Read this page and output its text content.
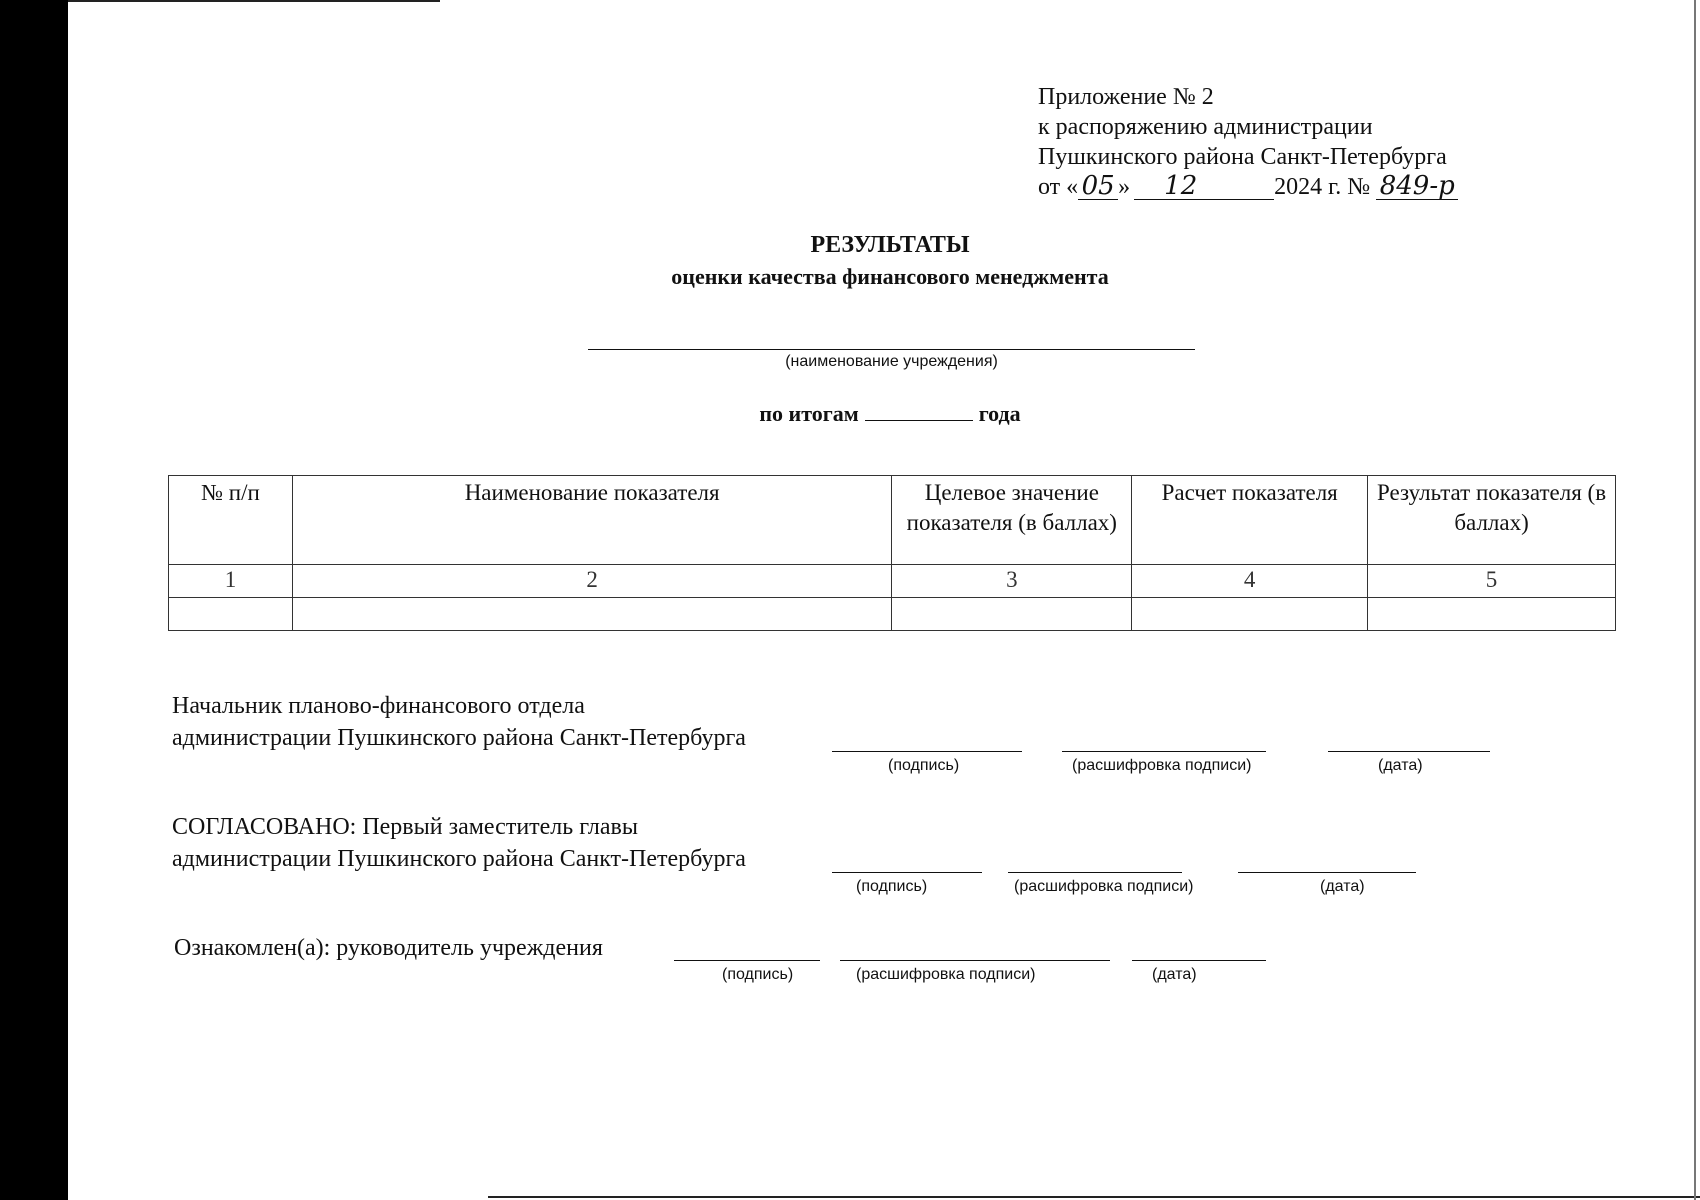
Приложение № 2
к распоряжению администрации
Пушкинского района Санкт-Петербурга
от « 05 » 12	2024 г. № 849-р
РЕЗУЛЬТАТЫ
оценки качества финансового менеджмента
(наименование учреждения)
по итогам	года
№ п/п	Наименование показателя	Целевое значение показателя (в баллах)	Расчет показателя	Результат показателя (в баллах)
1	2	3	4	5

Начальник планово-финансового отдела
администрации Пушкинского района Санкт-Петербурга
(подпись)	(расшифровка подписи)	(дата)
СОГЛАСОВАНО: Первый заместитель главы
администрации Пушкинского района Санкт-Петербурга
(подпись)	(расшифровка подписи)	(дата)
Ознакомлен(а): руководитель учреждения
(подпись)	(расшифровка подписи)	(дата)
